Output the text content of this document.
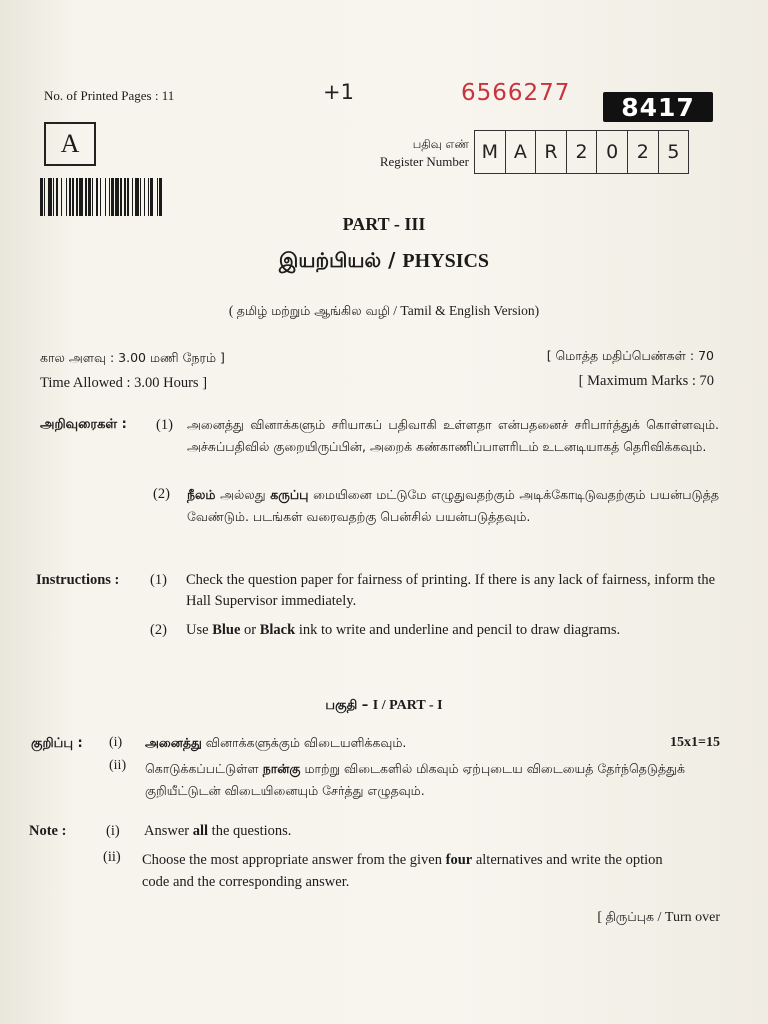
No. of Printed Pages : 11	+1	6566277	8417
A	பதிவு எண்
Register Number M A R 2 0 2 5
PART - III
இயற்பியல் / PHYSICS
( தமிழ் மற்றும் ஆங்கில வழி / Tamil & English Version)
கால அளவு : 3.00 மணி நேரம் ]
Time Allowed : 3.00 Hours ]
[ மொத்த மதிப்பெண்கள் : 70
[ Maximum Marks : 70
அறிவுரைகள் : (1) அனைத்து வினாக்களும் சரியாகப் பதிவாகி உள்ளதா என்பதனைச் சரிபார்த்துக் கொள்ளவும். அச்சுப்பதிவில் குறையிருப்பின், அறைக் கண்காணிப்பாளரிடம் உடனடியாகத் தெரிவிக்கவும்.
(2) நீலம் அல்லது கருப்பு மையினை மட்டுமே எழுதுவதற்கும் அடிக்கோடிடுவதற்கும் பயன்படுத்த வேண்டும். படங்கள் வரைவதற்கு பென்சில் பயன்படுத்தவும்.
Instructions : (1) Check the question paper for fairness of printing. If there is any lack of fairness, inform the Hall Supervisor immediately.
(2) Use Blue or Black ink to write and underline and pencil to draw diagrams.
பகுதி – I / PART - I
குறிப்பு : (i) அனைத்து வினாக்களுக்கும் விடையளிக்கவும்.	15x1=15
(ii) கொடுக்கப்பட்டுள்ள நான்கு மாற்று விடைகளில் மிகவும் ஏற்புடைய விடையைத் தேர்ந்தெடுத்துக் குறியீட்டுடன் விடையினையும் சேர்த்து எழுதவும்.
Note :	(i) Answer all the questions.
(ii) Choose the most appropriate answer from the given four alternatives and write the option code and the corresponding answer.
[ திருப்புக / Turn over
